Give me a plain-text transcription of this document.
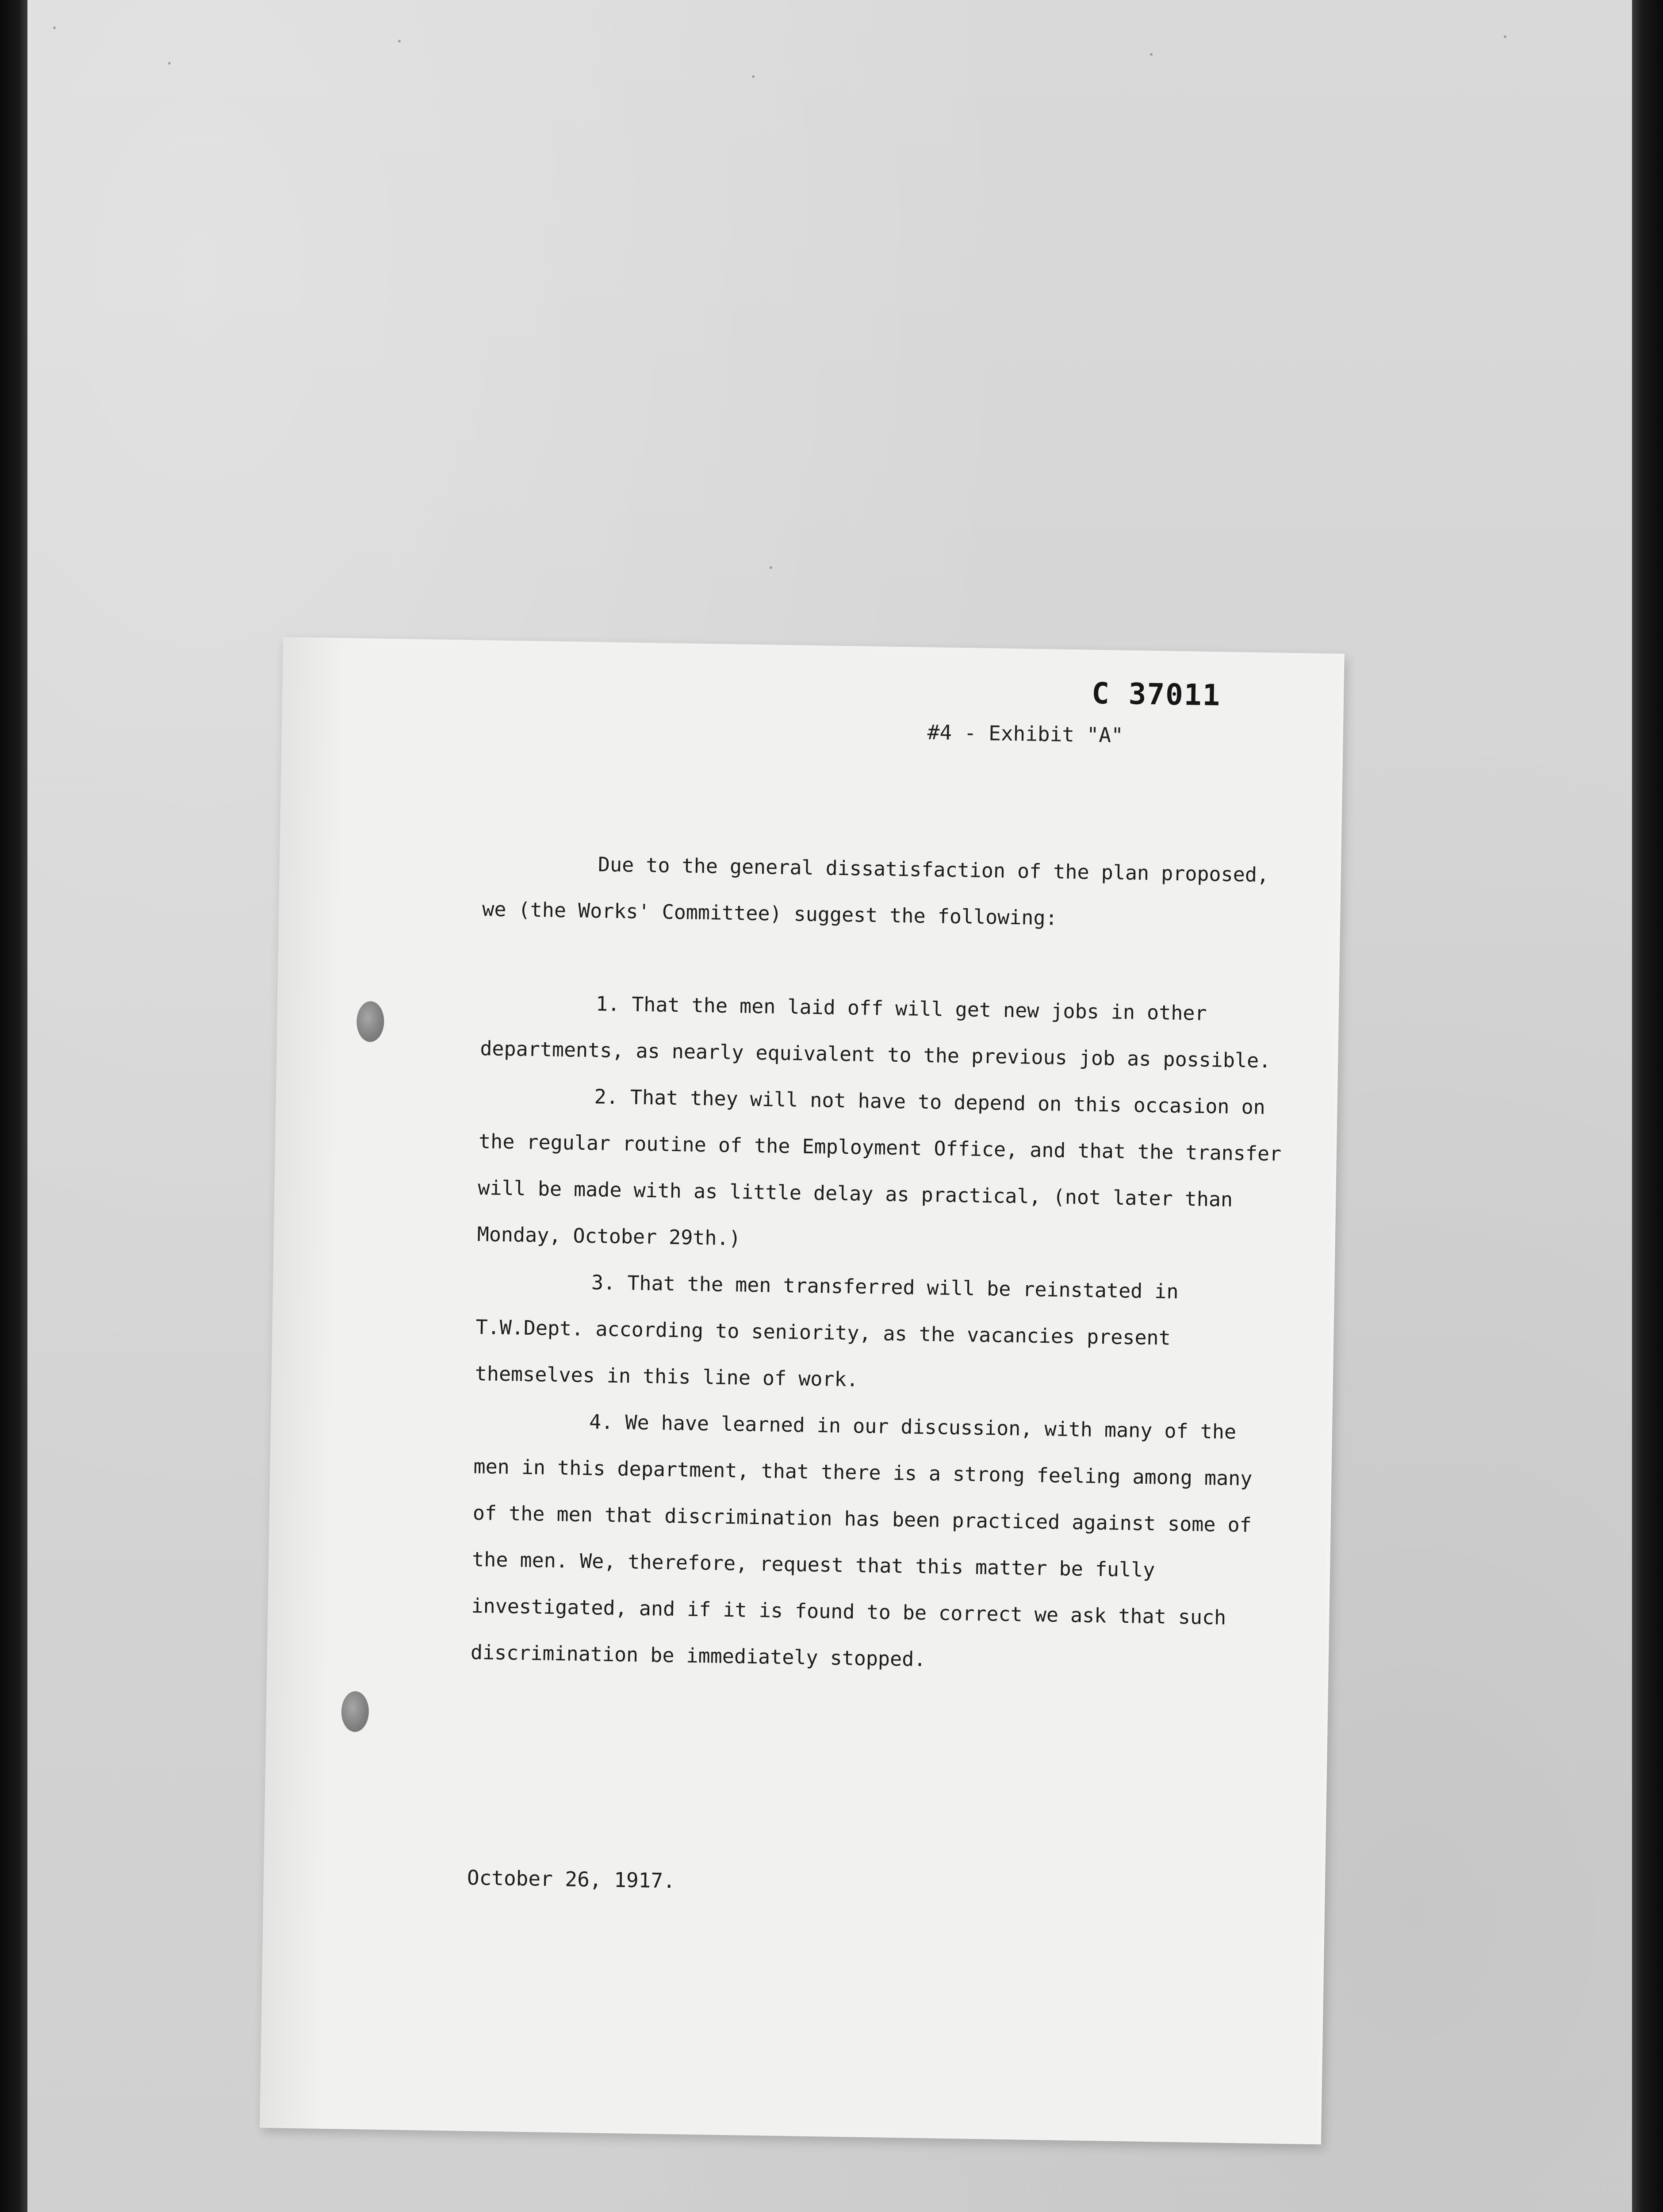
C 37011
#4 - Exhibit "A"

Due to the general dissatisfaction of the plan proposed, we (the Works' Committee) suggest the following:

1. That the men laid off will get new jobs in other departments, as nearly equivalent to the previous job as possible.

2. That they will not have to depend on this occasion on the regular routine of the Employment Office, and that the transfer will be made with as little delay as practical, (not later than Monday, October 29th.)

3. That the men transferred will be reinstated in T.W.Dept. according to seniority, as the vacancies present themselves in this line of work.

4. We have learned in our discussion, with many of the men in this department, that there is a strong feeling among many of the men that discrimination has been practiced against some of the men. We, therefore, request that this matter be fully investigated, and if it is found to be correct we ask that such discrimination be immediately stopped.

October 26, 1917.
